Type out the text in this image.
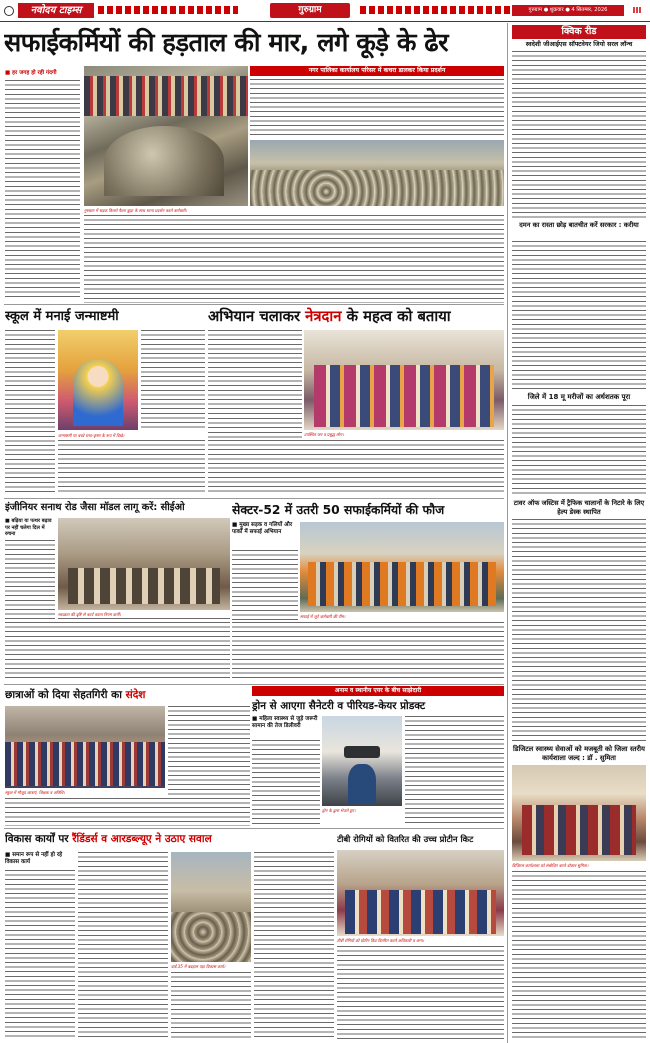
नवोदय टाइम्स	गुरुग्राम	गुरुग्राम ● शुक्रवार ● 4 सितम्बर, 2026	III
सफाईकर्मियों की हड़ताल की मार, लगे कूड़े के ढेर
■ हर जगह हो रही गंदगी	नगर पालिका कार्यालय परिसर में कचरा डालकर किया प्रदर्शन
गुरुग्राम में सड़क किनारे फैला कूड़ा के साथ धरना प्रदर्शन करते कर्मचारी।
क्विक रीड
स्वदेशी जीआईएस सॉफ्टवेयर जियो सरल लॉन्च
दमन का रास्ता छोड़ बातचीत करें सरकार : करीया
जिले में 18 मू मरीजों का अर्धशतक पूरा
टावर ऑफ जस्टिस में ट्रैफिक चालानों के निटारे के लिए हेल्प डेस्क स्थापित
डिजिटल स्वास्थ्य सेवाओं को मजबूती को जिला स्तरीय कार्यशाला जल्द : डॉ . सुमिता
डिजिटल कार्यशाला को संबोधित करते डॉक्टर सुमिता।
स्कूल में मनाई जन्माष्टमी
जन्माष्टमी पर बच्चे राधा-कृष्ण के रूप में दिखे।
अभियान चलाकर नेत्रदान के महत्व को बताया
उपस्थित जन व प्रबुद्ध लोग।
इंजीनियर सनाथ रोड जैसा मॉडल लागू करें: सीईओ
■ बढ़िया या पत्थर बढ़ाव पर नहीं चलेगा दिल में रुचना
सेक्टर-52 में उतरी 50 सफाईकर्मियों की फौज
■ मुख्य सड़क व गलियों और पार्कों में सफाई अभियान
सफाई में जुटे कर्मचारी की टीम।
स्वच्छता की दृष्टि से कार्य करता निगम कर्मी।
छात्राओं को दिया सेहतगिरी का संदेश
स्कूल में मौजूद छात्राएं, शिक्षक व अतिथि।
अनाम व स्थानीय एयर के बीच साझेदारी
ड्रोन से आएगा सैनेटरी व पीरियड-केयर प्रोडक्ट
■ महिला स्वास्थ्य से जुड़े जरूरी सामान की तेज डिलीवरी
ड्रोन के द्वारा भेजते हुए।
विकास कार्यों पर रैंडिंडर्स व आरडब्ल्यूए ने उठाए सवाल
■ समान रूप से नहीं हो रहे विकास कार्य
वार्ड 35 में बदहाल पड़ा विकास कार्य।
टीबी रोगियों को वितरित की उच्च प्रोटीन किट
टीबी रोगियों को प्रोटीन किट वितरित करते अधिकारी व अन्य।
